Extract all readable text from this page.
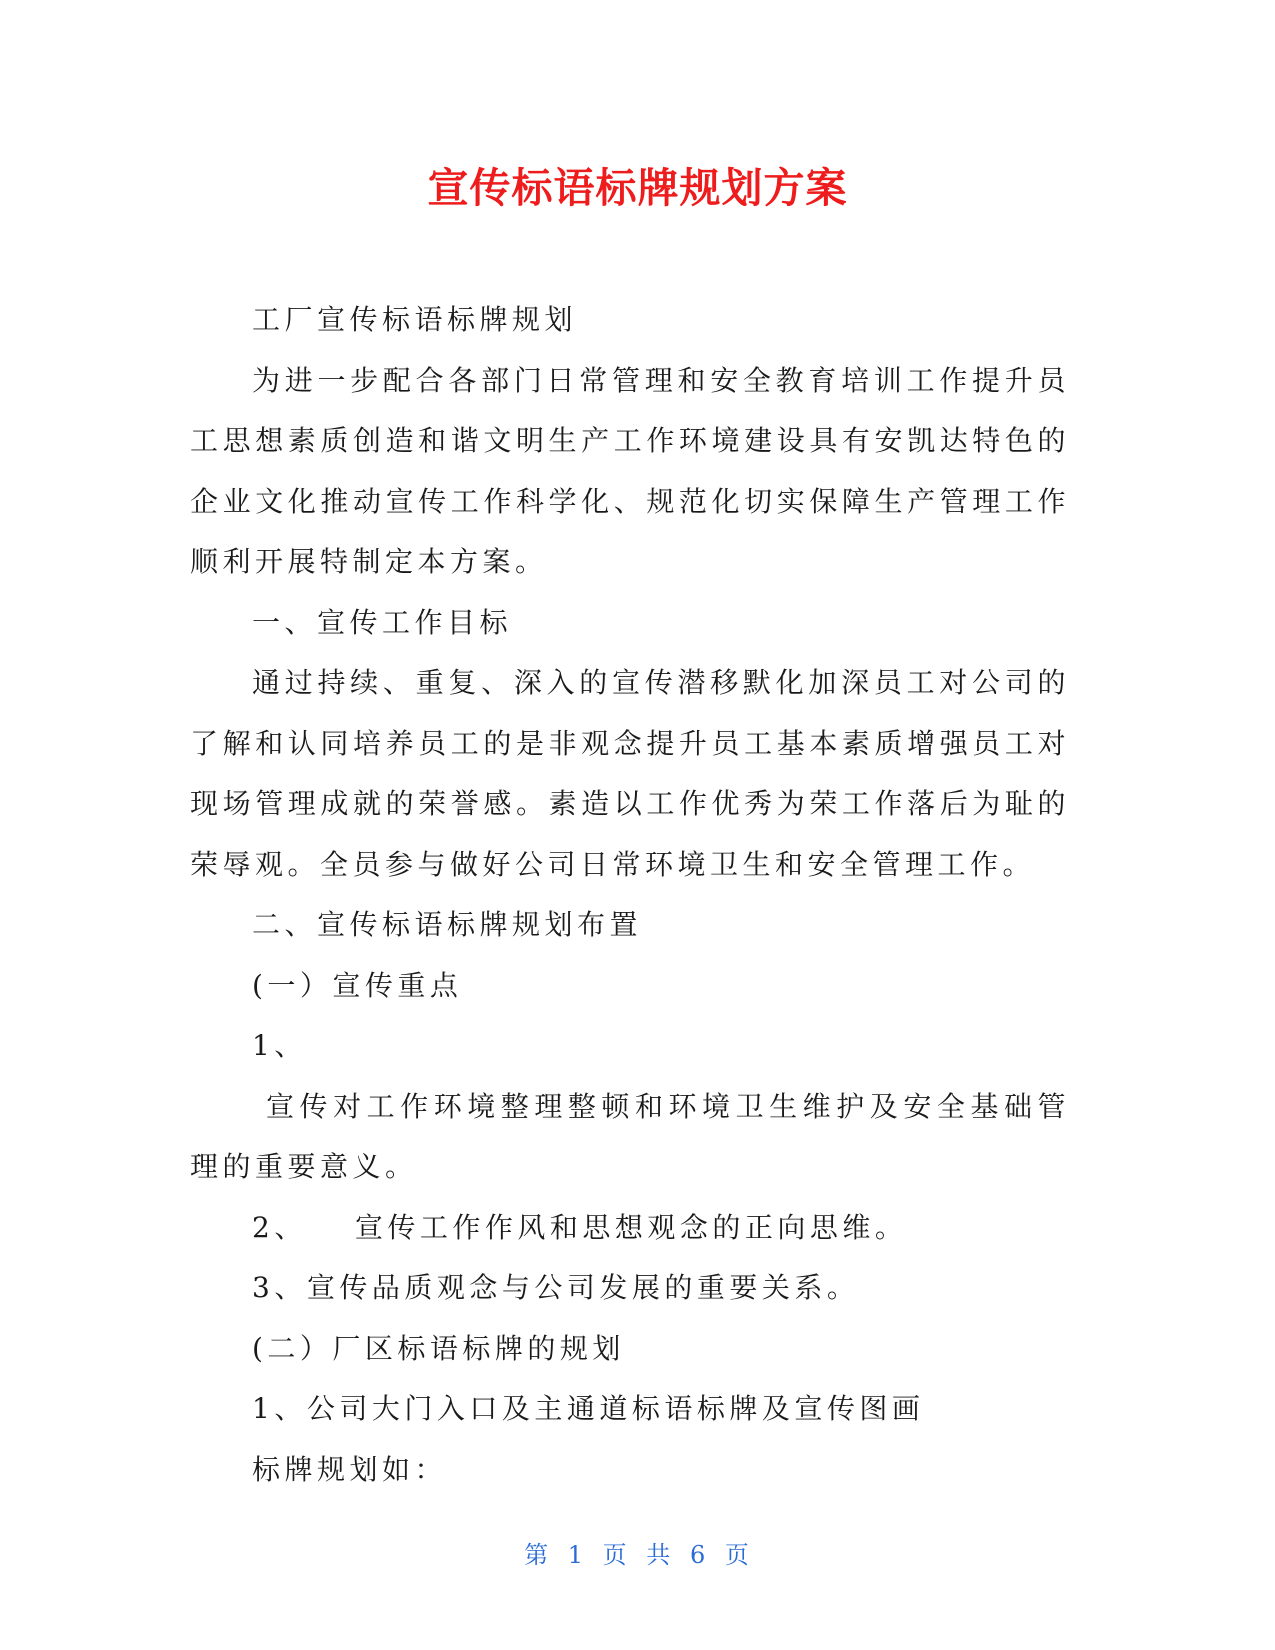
宣传标语标牌规划方案

工厂宣传标语标牌规划

为进一步配合各部门日常管理和安全教育培训工作提升员工思想素质创造和谐文明生产工作环境建设具有安凯达特色的企业文化推动宣传工作科学化、规范化切实保障生产管理工作顺利开展特制定本方案。

一、宣传工作目标

通过持续、重复、深入的宣传潜移默化加深员工对公司的了解和认同培养员工的是非观念提升员工基本素质增强员工对现场管理成就的荣誉感。素造以工作优秀为荣工作落后为耻的荣辱观。全员参与做好公司日常环境卫生和安全管理工作。

二、宣传标语标牌规划布置

(一）宣传重点

1、

宣传对工作环境整理整顿和环境卫生维护及安全基础管理的重要意义。

2、 宣传工作作风和思想观念的正向思维。

3、宣传品质观念与公司发展的重要关系。

(二）厂区标语标牌的规划

1、公司大门入口及主通道标语标牌及宣传图画

标牌规划如：

第 1 页 共 6 页
